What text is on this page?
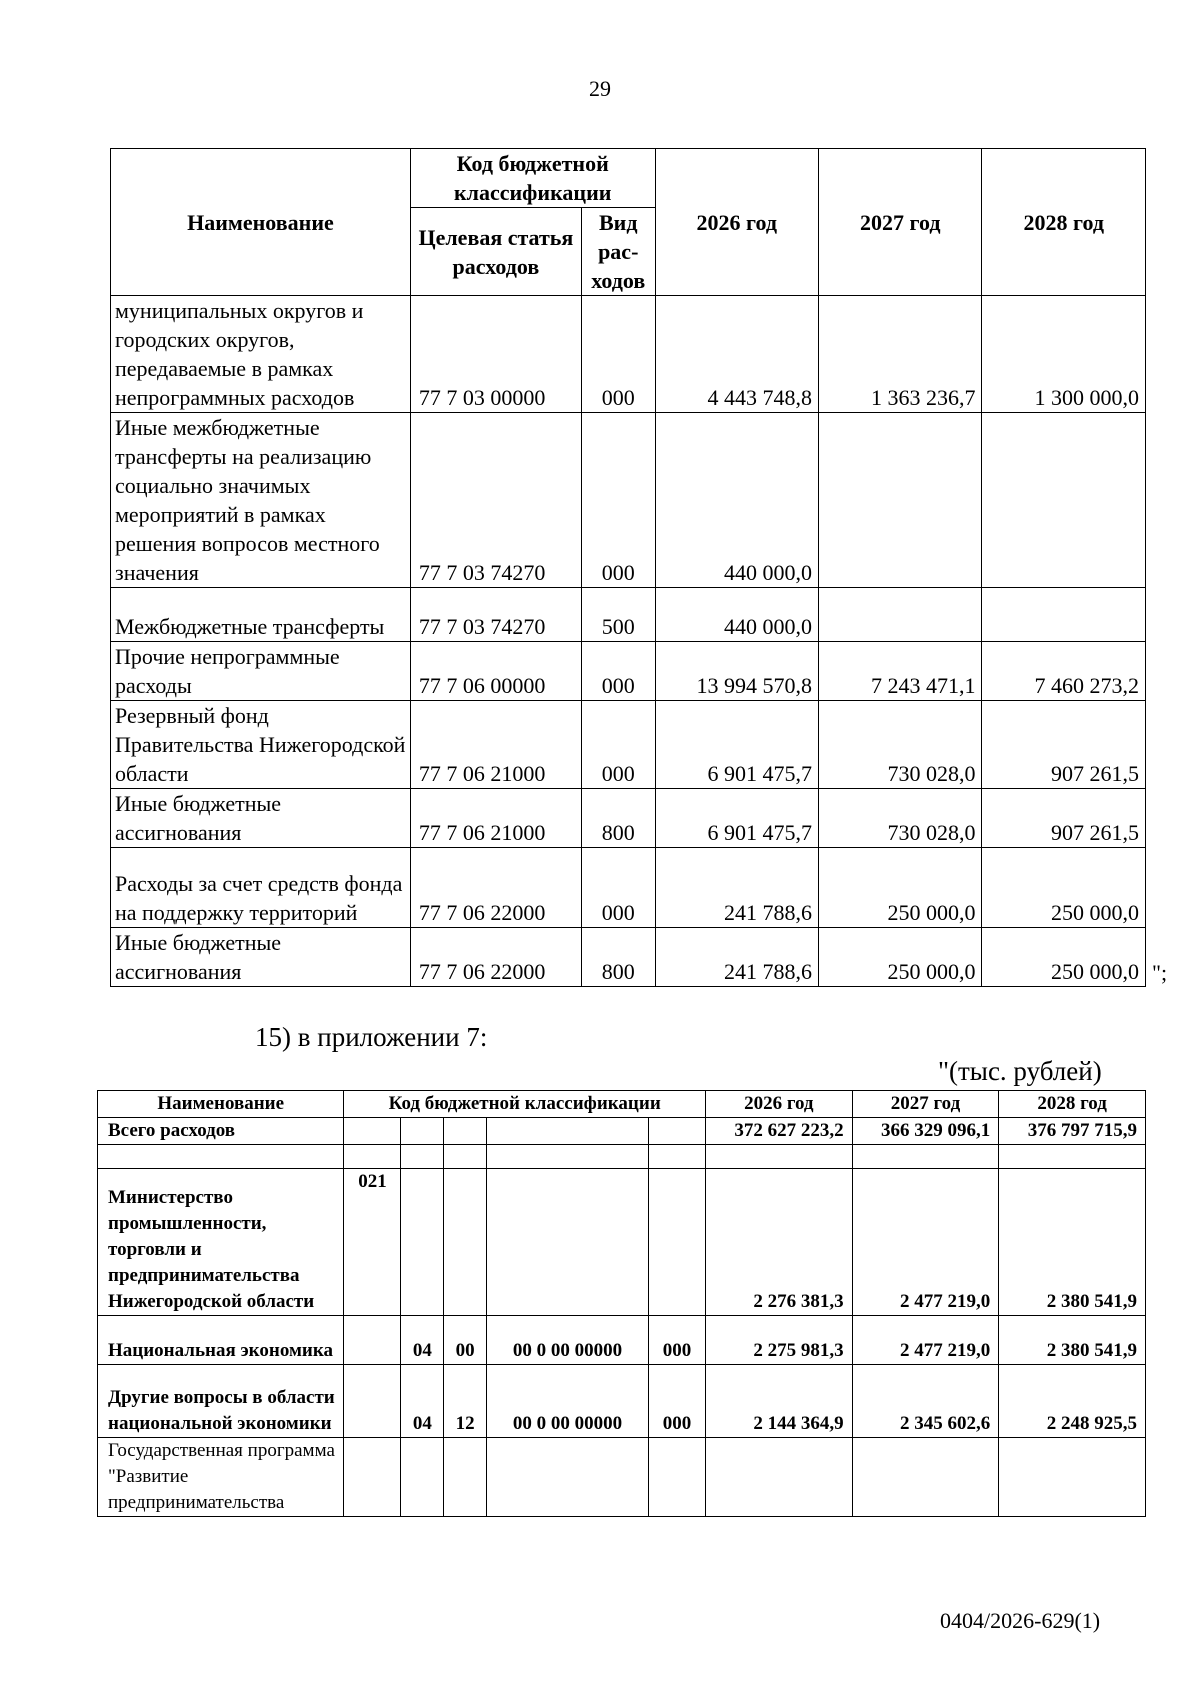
29
Наименование	Код бюджетной классификации		2026 год	2027 год	2028 год
	Целевая статья расходов	Вид рас-ходов			
муниципальных округов и городских округов, передаваемые в рамках непрограммных расходов	77 7 03 00000	000	4 443 748,8	1 363 236,7	1 300 000,0
Иные межбюджетные трансферты на реализацию социально значимых мероприятий в рамках решения вопросов местного значения	77 7 03 74270	000	440 000,0		
Межбюджетные трансферты	77 7 03 74270	500	440 000,0		
Прочие непрограммные расходы	77 7 06 00000	000	13 994 570,8	7 243 471,1	7 460 273,2
Резервный фонд Правительства Нижегородской области	77 7 06 21000	000	6 901 475,7	730 028,0	907 261,5
Иные бюджетные ассигнования	77 7 06 21000	800	6 901 475,7	730 028,0	907 261,5
Расходы за счет средств фонда на поддержку территорий	77 7 06 22000	000	241 788,6	250 000,0	250 000,0
Иные бюджетные ассигнования	77 7 06 22000	800	241 788,6	250 000,0	250 000,0 ";
15) в приложении 7:
"(тыс. рублей)
Наименование	Код бюджетной классификации					2026 год	2027 год	2028 год
Всего расходов						372 627 223,2	366 329 096,1	376 797 715,9

Министерство промышленности, торговли и предпринимательства Нижегородской области	021					2 276 381,3	2 477 219,0	2 380 541,9
Национальная экономика		04	00	00 0 00 00000	000	2 275 981,3	2 477 219,0	2 380 541,9
Другие вопросы в области национальной экономики		04	12	00 0 00 00000	000	2 144 364,9	2 345 602,6	2 248 925,5
Государственная программа "Развитие предпринимательства								
0404/2026-629(1)
